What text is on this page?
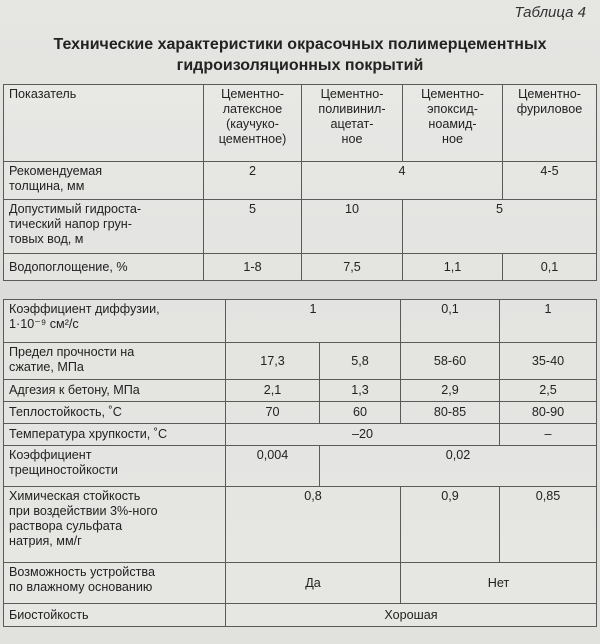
Таблица 4
Технические характеристики окрасочных полимерцементных
гидроизоляционных покрытий
Показатель	Цементно-
латексное
(каучуко-
цементное)	Цементно-
поливинил-
ацетат-
ное	Цементно-
эпоксид-
ноамид-
ное	Цементно-
фуриловое
Рекомендуемая
толщина, мм	2	4		4-5
Допустимый гидроста-
тический напор грун-
товых вод, м	5	10	5	
Водопоглощение, %	1-8	7,5	1,1	0,1
Коэффициент диффузии,
1·10⁻⁹ см²/с	1		0,1	1
Предел прочности на
сжатие, МПа	17,3	5,8	58-60	35-40
Адгезия к бетону, МПа	2,1	1,3	2,9	2,5
Теплостойкость, ˚С	70	60	80-85	80-90
Температура хрупкости, ˚С	–20			–
Коэффициент
трещиностойкости	0,004	0,02		
Химическая стойкость
при воздействии 3%-ного
раствора сульфата
натрия, мм/г	0,8		0,9	0,85
Возможность устройства
по влажному основанию	Да		Нет	
Биостойкость	Хорошая			
